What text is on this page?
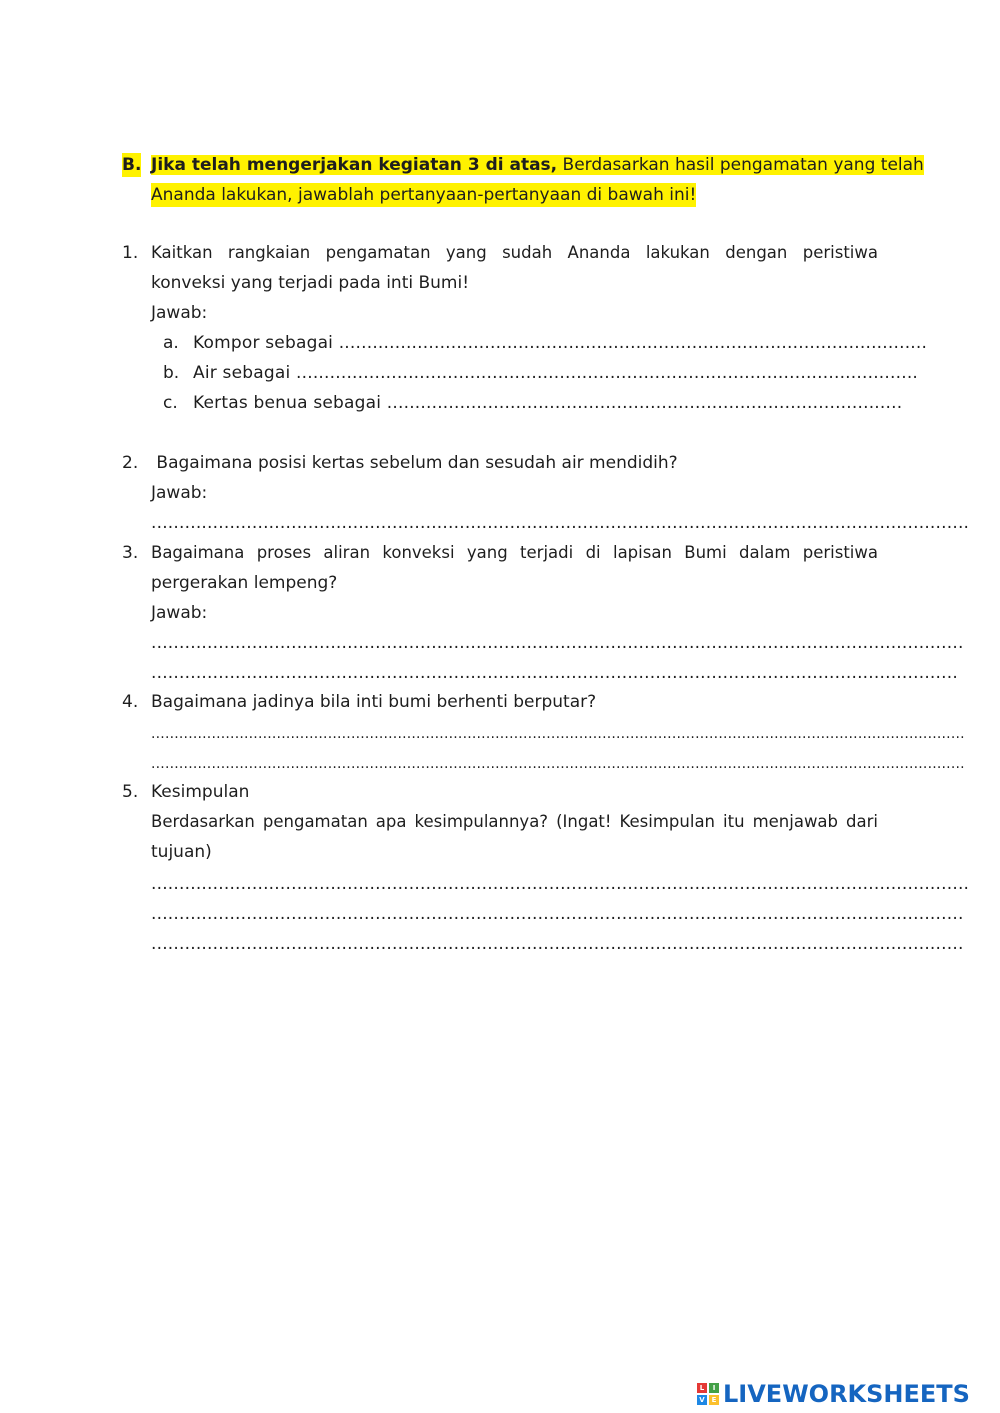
B. Jika telah mengerjakan kegiatan 3 di atas, Berdasarkan hasil pengamatan yang telah
Ananda lakukan, jawablah pertanyaan-pertanyaan di bawah ini!
1. Kaitkan rangkaian pengamatan yang sudah Ananda lakukan dengan peristiwa
konveksi yang terjadi pada inti Bumi!
Jawab:
a. Kompor sebagai .........................................................................................................
b. Air sebagai ...............................................................................................................
c. Kertas benua sebagai ............................................................................................
2. Bagaimana posisi kertas sebelum dan sesudah air mendidih?
Jawab:
..................................................................................................................................................
3. Bagaimana proses aliran konveksi yang terjadi di lapisan Bumi dalam peristiwa
pergerakan lempeng?
Jawab:
.................................................................................................................................................
................................................................................................................................................
4. Bagaimana jadinya bila inti bumi berhenti berputar?
...............................................................................................................................................................................
...............................................................................................................................................................................
5. Kesimpulan
Berdasarkan pengamatan apa kesimpulannya? (Ingat! Kesimpulan itu menjawab dari
tujuan)
..................................................................................................................................................
.................................................................................................................................................
.................................................................................................................................................
L	I
V E LIVEWORKSHEETS
